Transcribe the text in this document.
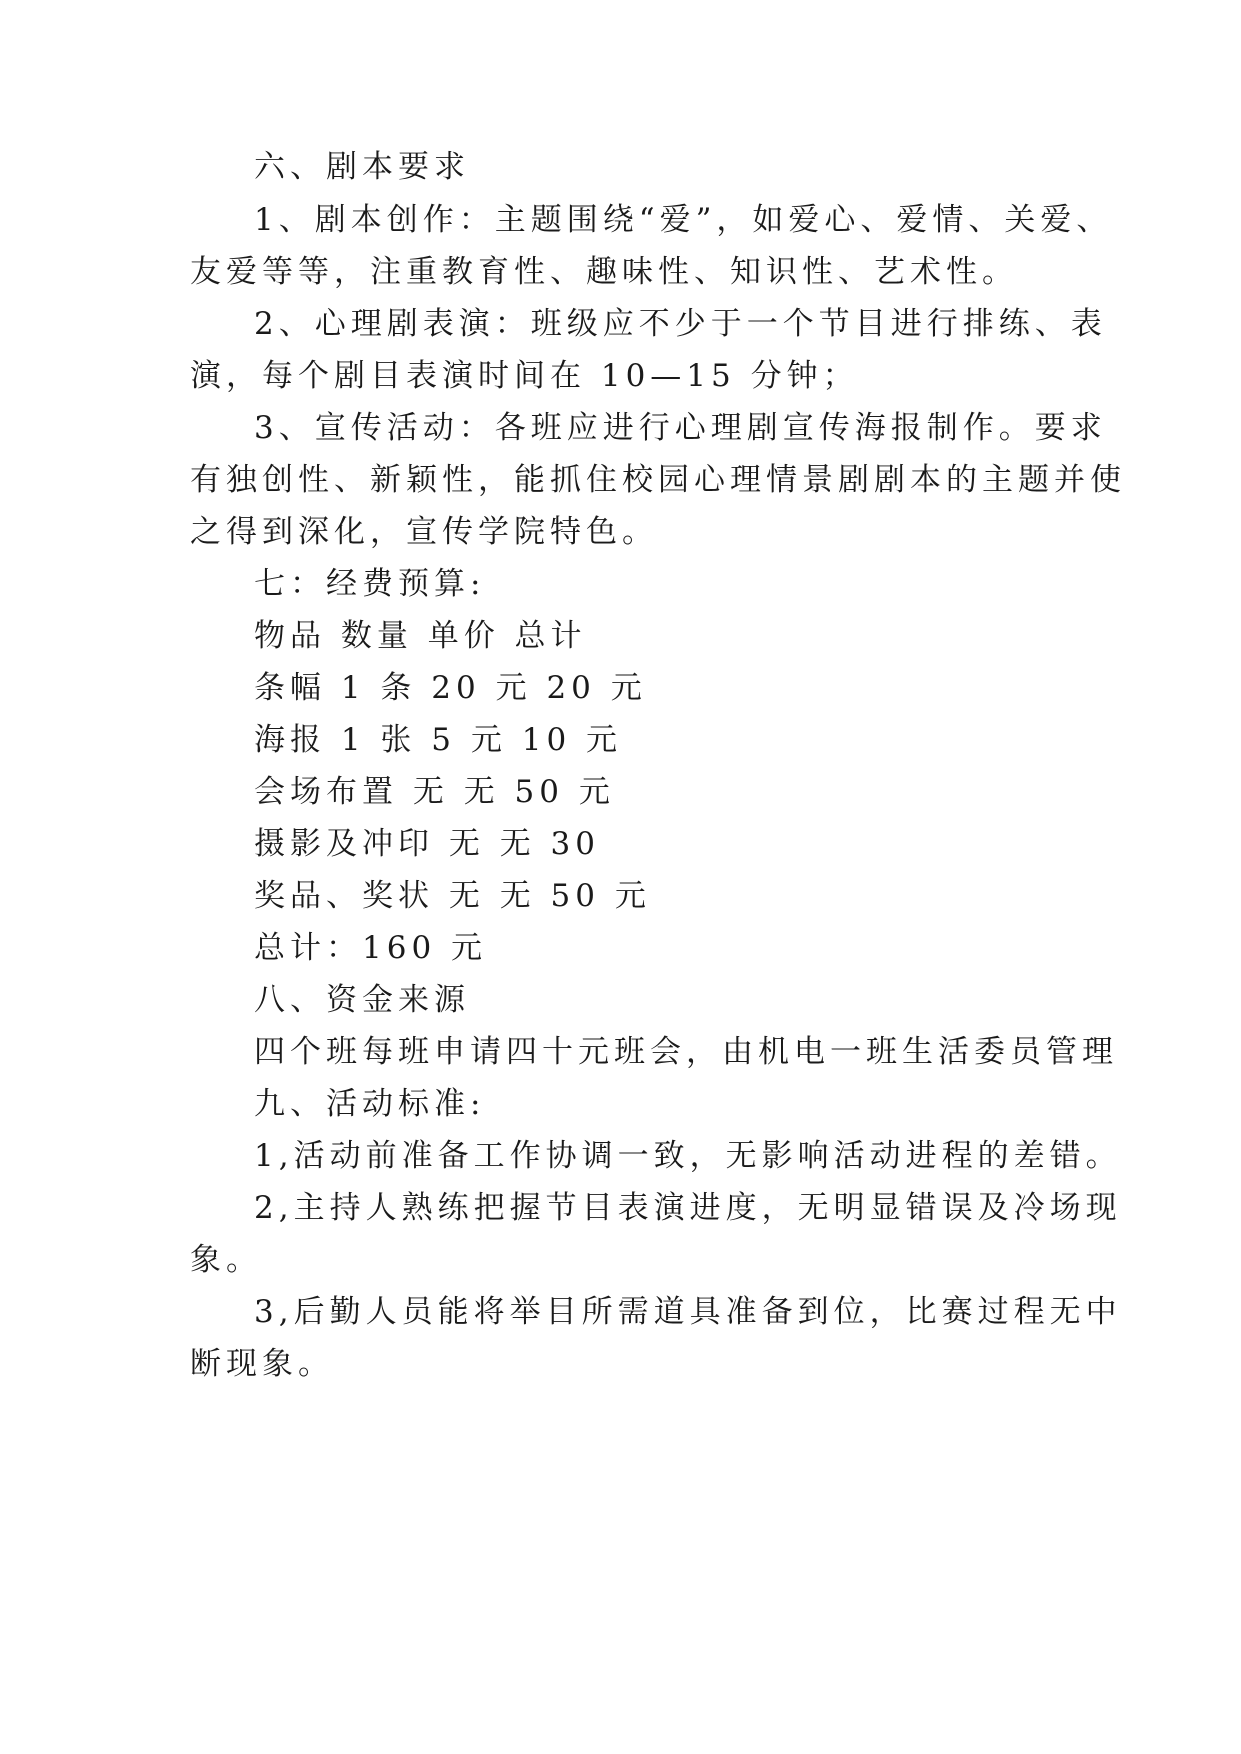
六、剧本要求
1、剧本创作：主题围绕“爱”，如爱心、爱情、关爱、
友爱等等，注重教育性、趣味性、知识性、艺术性。
2、心理剧表演：班级应不少于一个节目进行排练、表
演，每个剧目表演时间在 10—15 分钟；
3、宣传活动：各班应进行心理剧宣传海报制作。要求
有独创性、新颖性，能抓住校园心理情景剧剧本的主题并使
之得到深化，宣传学院特色。
七：经费预算:
物品 数量 单价 总计
条幅 1 条 20 元 20 元
海报 1 张 5 元 10 元
会场布置 无 无 50 元
摄影及冲印 无 无 30
奖品、奖状 无 无 50 元
总计：160 元
八、资金来源
四个班每班申请四十元班会，由机电一班生活委员管理
九、活动标准:
1,活动前准备工作协调一致，无影响活动进程的差错。
2,主持人熟练把握节目表演进度，无明显错误及冷场现
象。
3,后勤人员能将举目所需道具准备到位，比赛过程无中
断现象。
